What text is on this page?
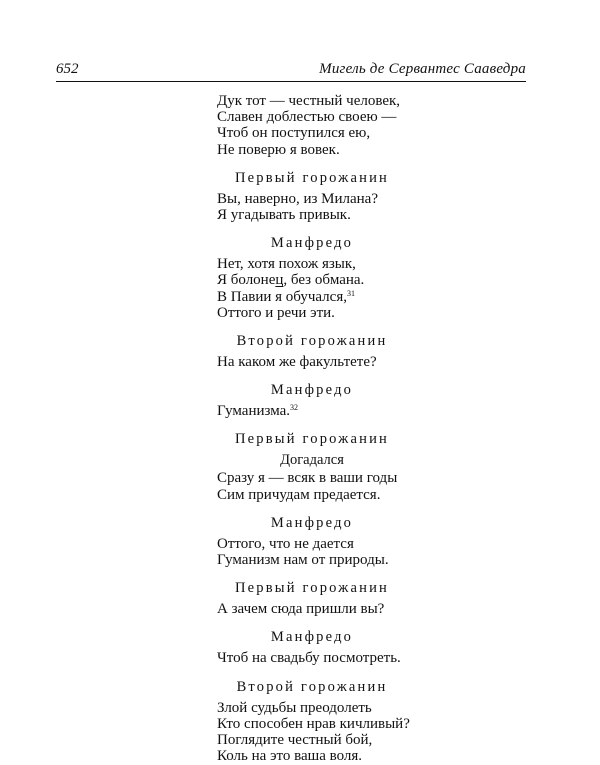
652	Мигель де Сервантес Сааведра
Дук тот — честный человек,
Славен доблестью своею —
Чтоб он поступился ею,
Не поверю я вовек.
Первый горожанин
Вы, наверно, из Милана?
Я угадывать привык.
Манфредо
Нет, хотя похож язык,
Я болонец, без обмана.
В Павии я обучался,$^{31}$
Оттого и речи эти.
Второй горожанин
На каком же факультете?
Манфредо
Гуманизма.$^{32}$
Первый горожанин
Догадался
Сразу я — всяк в ваши годы
Сим причудам предается.
Манфредо
Оттого, что не дается
Гуманизм нам от природы.
Первый горожанин
А зачем сюда пришли вы?
Манфредо
Чтоб на свадьбу посмотреть.
Второй горожанин
Злой судьбы преодолеть
Кто способен нрав кичливый?
Поглядите честный бой,
Коль на это ваша воля.
